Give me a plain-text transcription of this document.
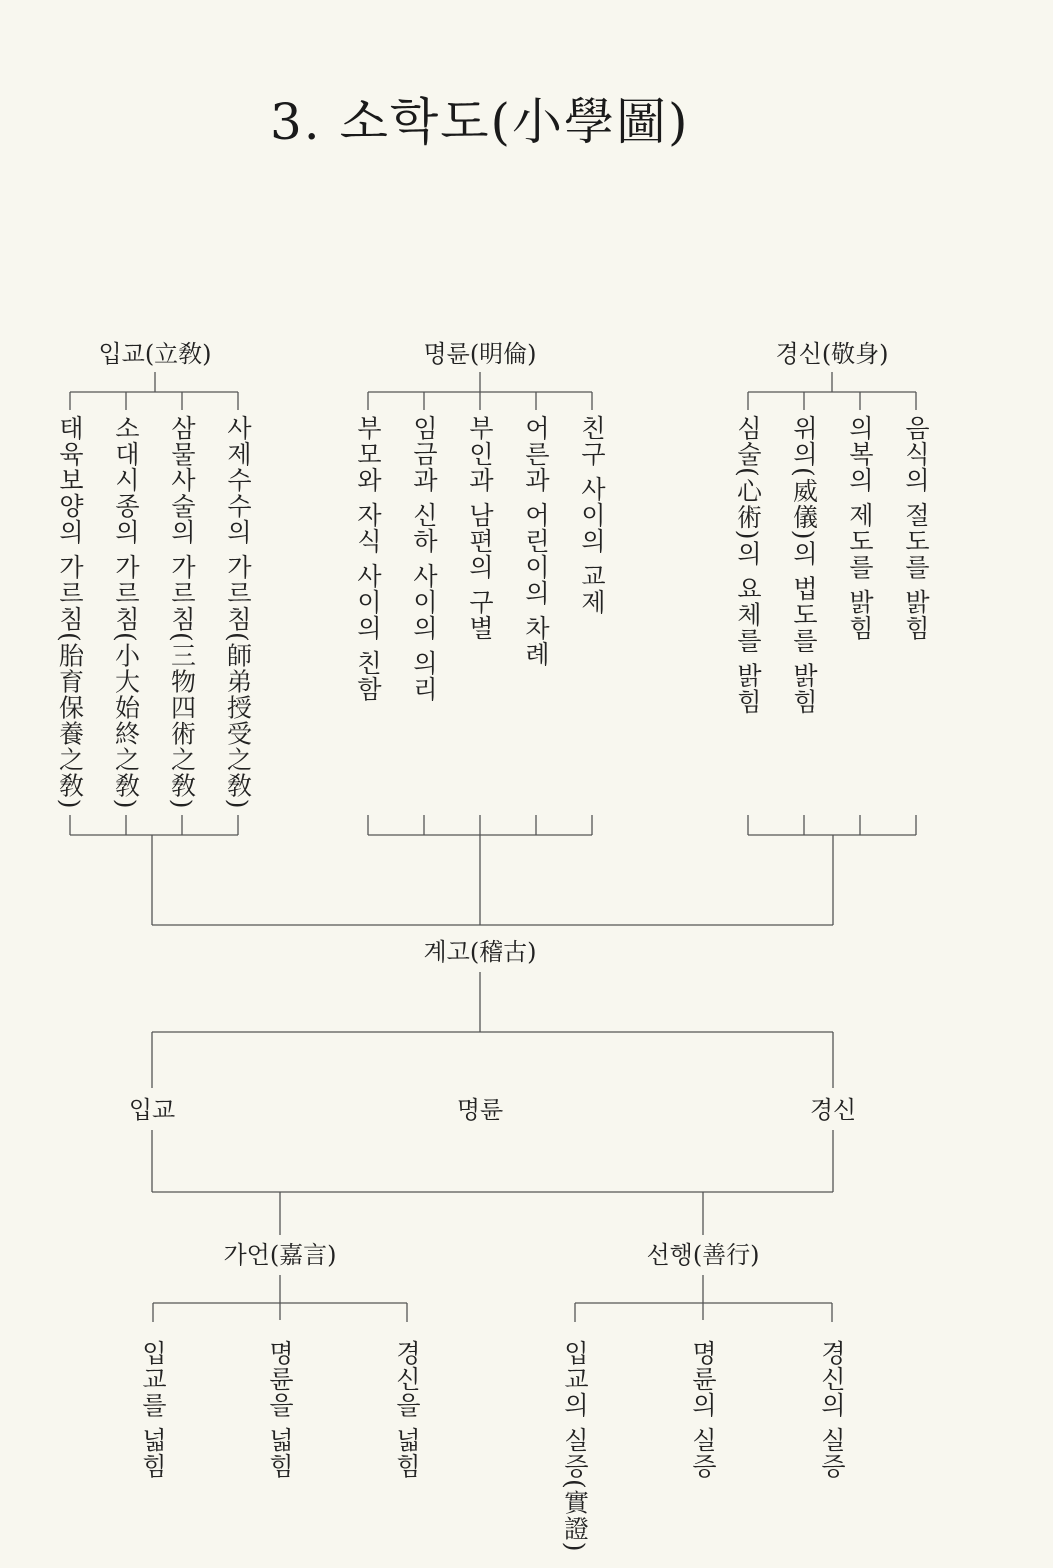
3. 소학도(小學圖)
입교(立敎)	명륜(明倫)	경신(敬身)
사제수수의 가르침(師弟授受之敎)
삼물사술의 가르침(三物四術之敎)
소대시종의 가르침(小大始終之敎)
태육보양의 가르침(胎育保養之敎)	친구 사이의 교제
어른과 어린이의 차례
부인과 남편의 구별
임금과 신하 사이의 의리
부모와 자식 사이의 친함	음식의 절도를 밝힘
의복의 제도를 밝힘
위의(威儀)의 법도를 밝힘
심술(心術)의 요체를 밝힘
계고(稽古)
입교	명륜	경신
가언(嘉言)	선행(善行)
입교를 넓힘	명륜을 넓힘	경신을 넓힘	입교의 실증(實證)	명륜의 실증	경신의 실증
